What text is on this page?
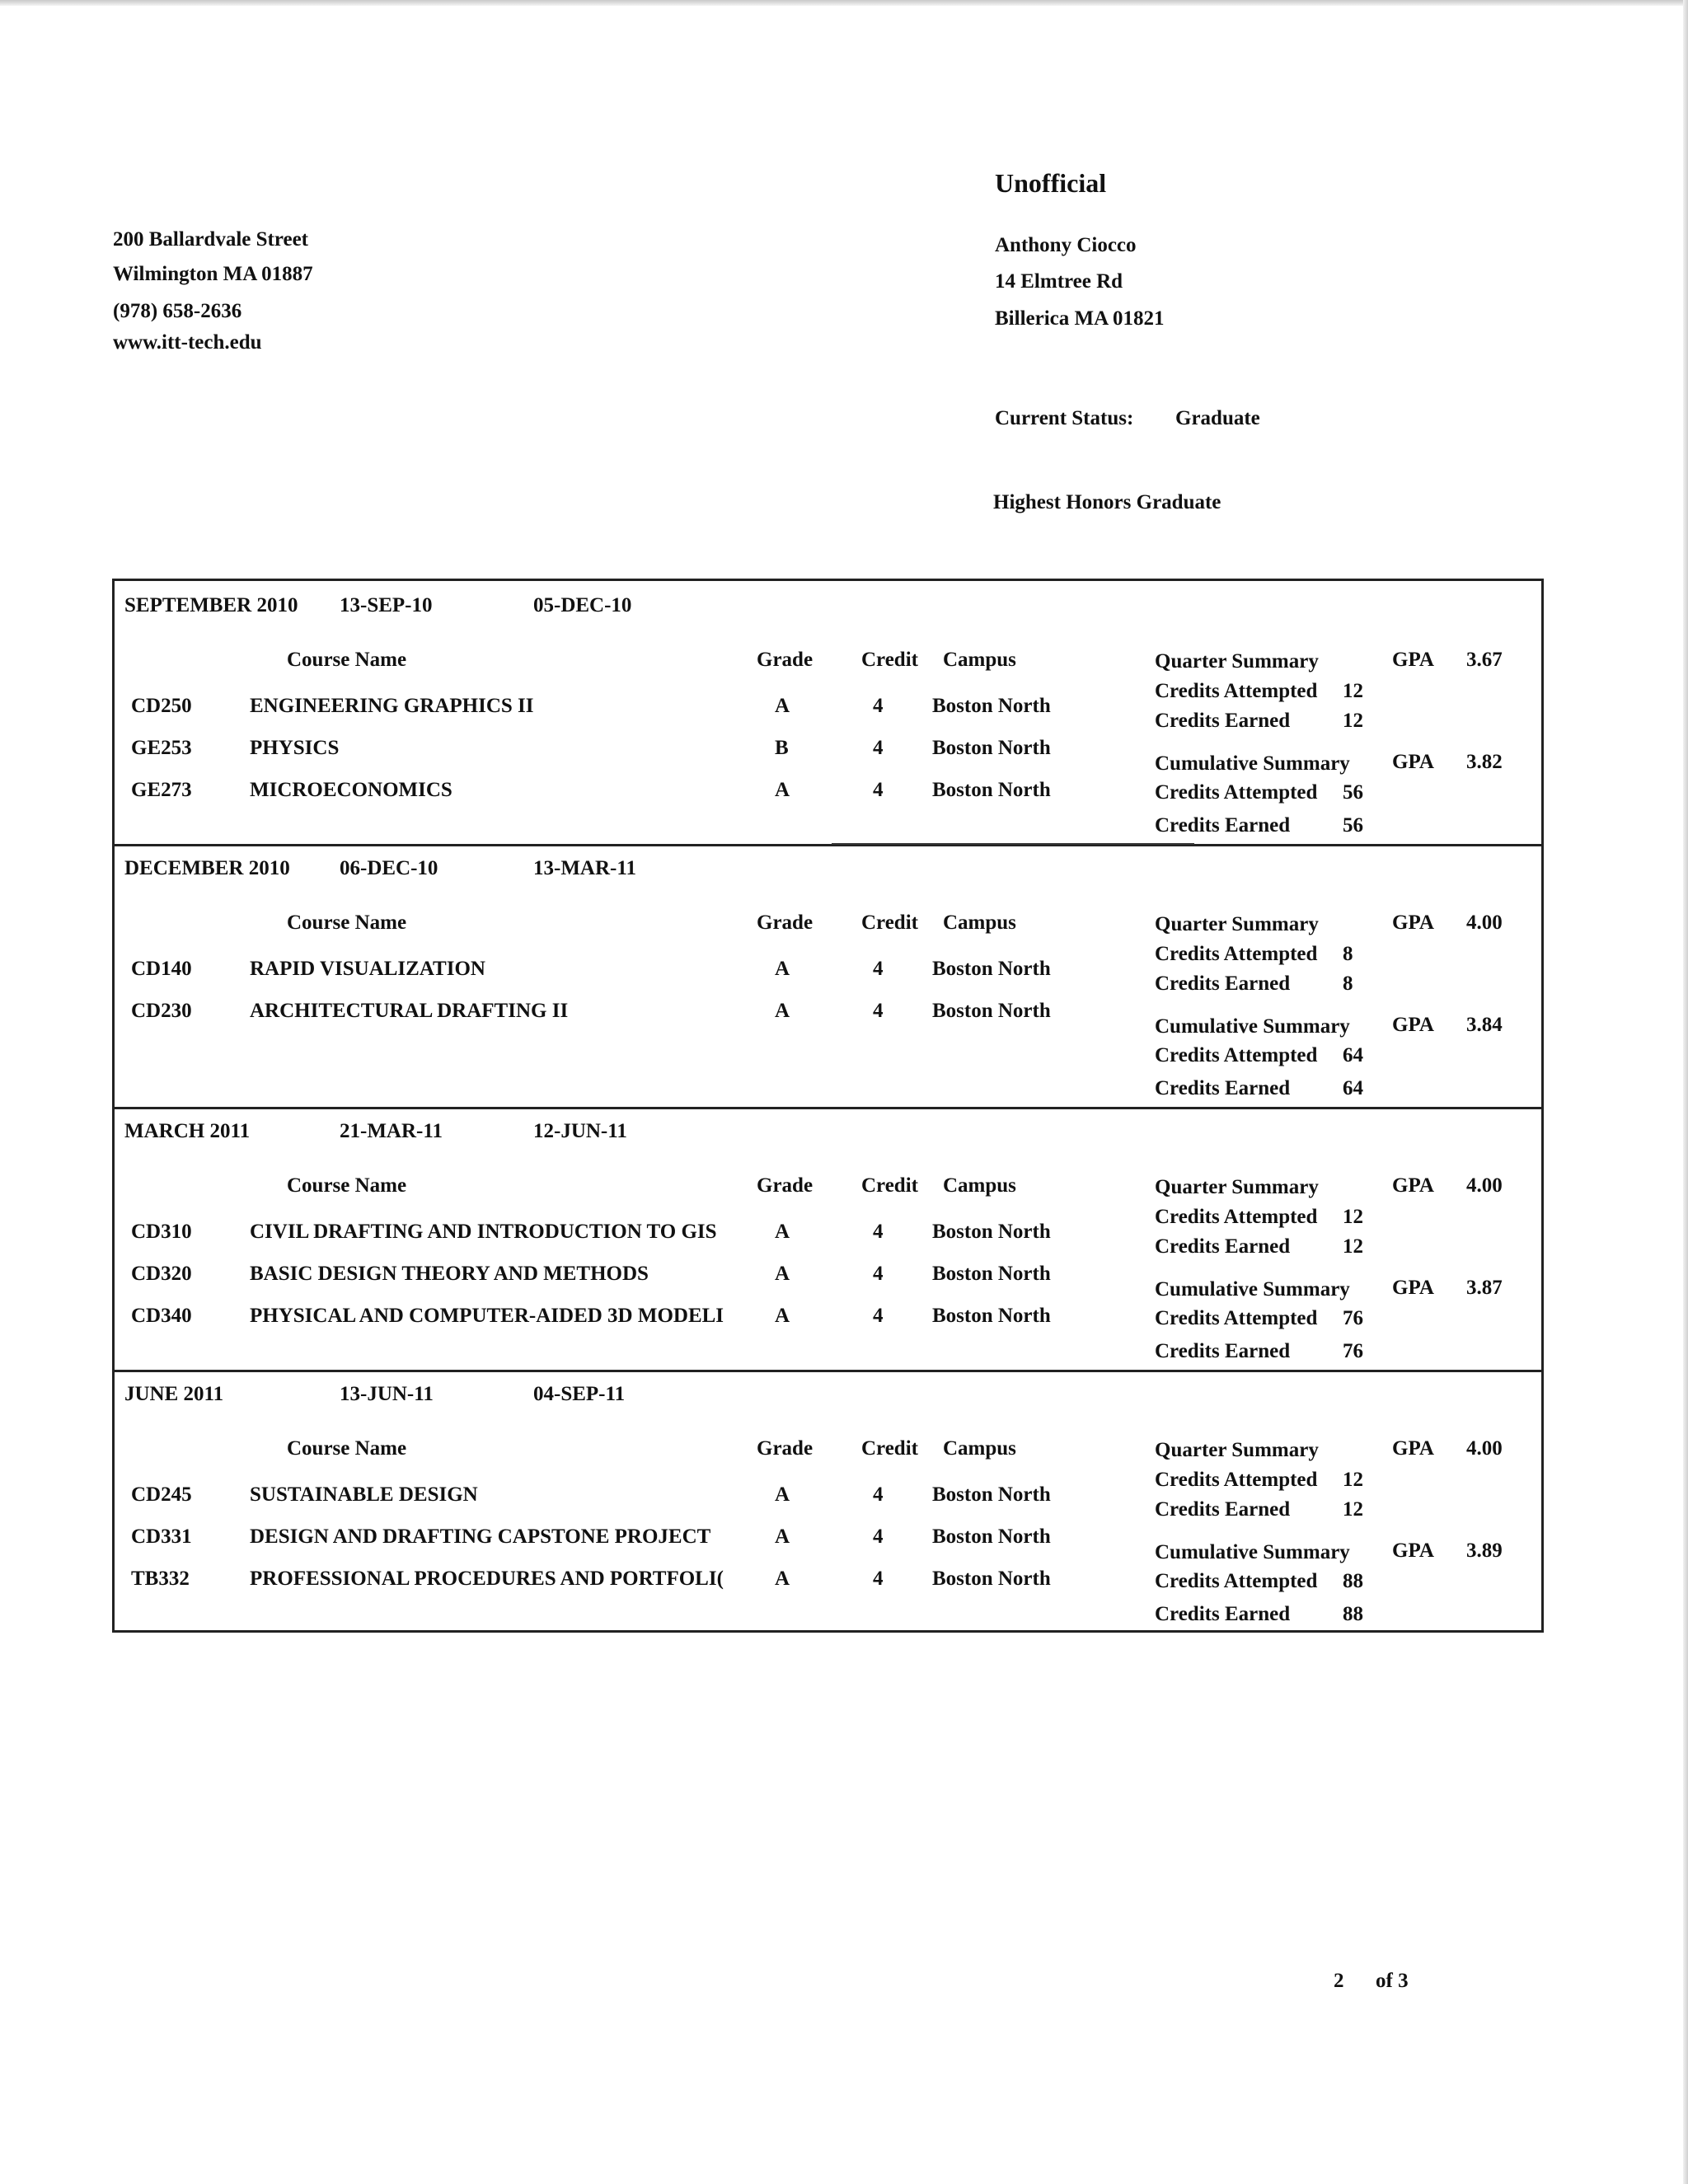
Unofficial
200 Ballardvale Street
Wilmington MA 01887
(978) 658-2636
www.itt-tech.edu
Anthony Ciocco
14 Elmtree Rd
Billerica MA 01821
Current Status: Graduate
Highest Honors Graduate
SEPTEMBER 2010 13-SEP-10	05-DEC-10
Course Name	Grade Credit Campus	Quarter Summary	GPA 3.67
Credits Attempted 12
Credits Earned	12
Cumulative Summary GPA 3.82
Credits Attempted 56
Credits Earned	56
CD250	ENGINEERING GRAPHICS II	A	4 Boston North
GE253	PHYSICS	B	4 Boston North
GE273	MICROECONOMICS	A	4 Boston North
DECEMBER 2010 06-DEC-10	13-MAR-11
Course Name	Grade Credit Campus	Quarter Summary	GPA 4.00
Credits Attempted 8
Credits Earned	8
Cumulative Summary GPA 3.84
Credits Attempted 64
Credits Earned	64
CD140	RAPID VISUALIZATION	A	4 Boston North
CD230	ARCHITECTURAL DRAFTING II	A	4 Boston North
MARCH 2011	21-MAR-11	12-JUN-11
Course Name	Grade Credit Campus	Quarter Summary	GPA 4.00
Credits Attempted 12
Credits Earned	12
Cumulative Summary GPA 3.87
Credits Attempted 76
Credits Earned	76
CD310	CIVIL DRAFTING AND INTRODUCTION TO GIS	A	4 Boston North
CD320	BASIC DESIGN THEORY AND METHODS	A	4 Boston North
CD340	PHYSICAL AND COMPUTER-AIDED 3D MODELI A	4 Boston North
JUNE 2011	13-JUN-11	04-SEP-11
Course Name	Grade Credit Campus	Quarter Summary	GPA 4.00
Credits Attempted 12
Credits Earned	12
Cumulative Summary GPA 3.89
Credits Attempted 88
Credits Earned	88
CD245	SUSTAINABLE DESIGN	A	4 Boston North
CD331	DESIGN AND DRAFTING CAPSTONE PROJECT	A	4 Boston North
TB332	PROFESSIONAL PROCEDURES AND PORTFOLI( A	4 Boston North
2 of 3
